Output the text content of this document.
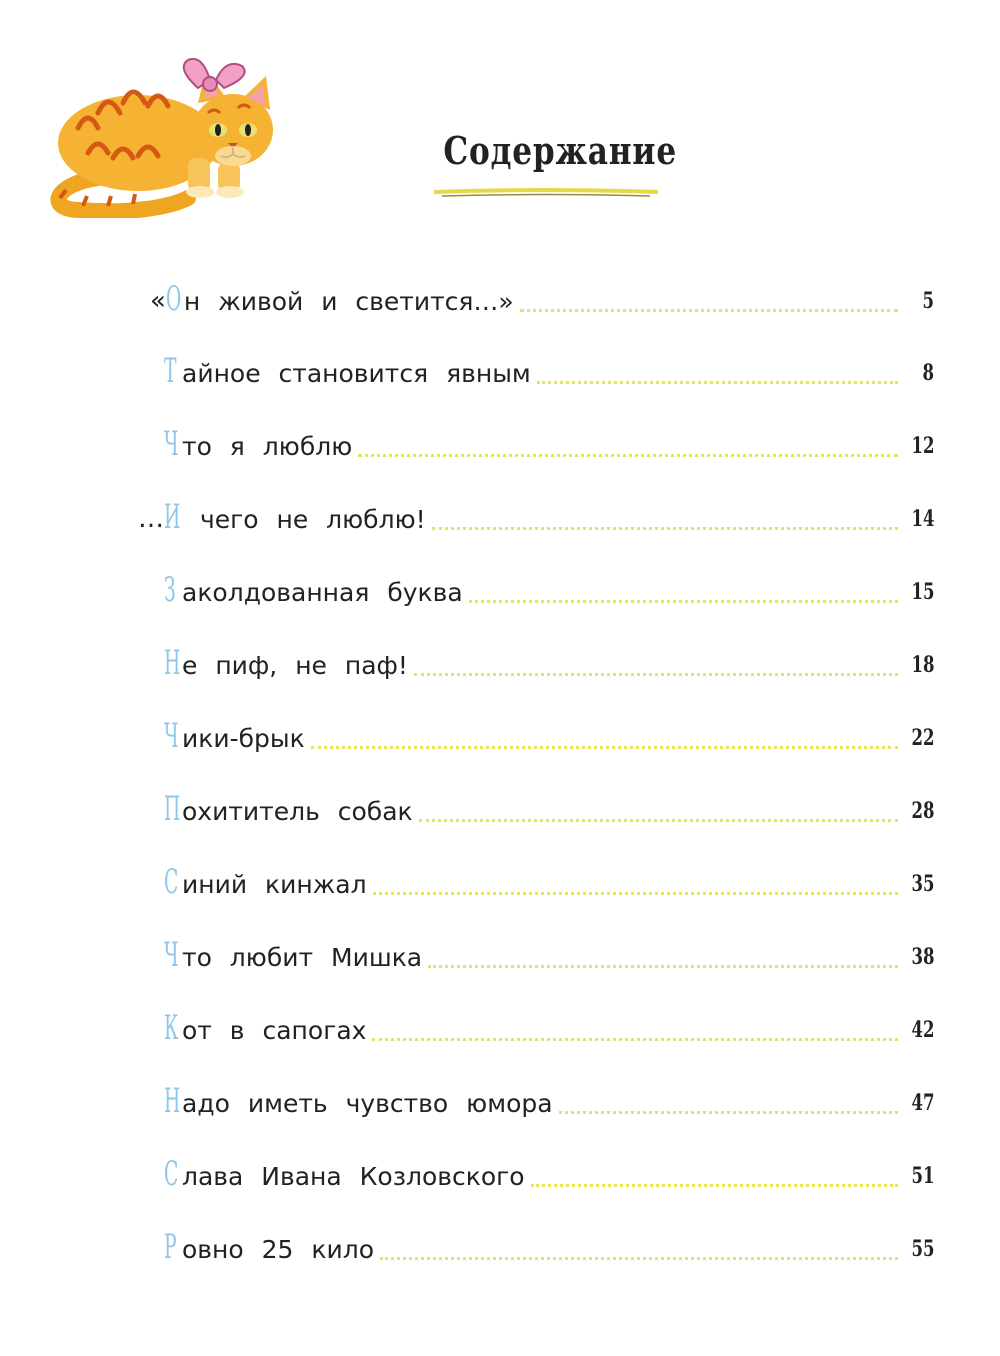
Содержание
« О н живой и светится…»	5
Т айное становится явным	8
Ч то я люблю	12
… И чего не люблю!	14
З аколдованная буква	15
Н е пиф, не паф!	18
Ч ики-брык	22
П охититель собак	28
С иний кинжал	35
Ч то любит Мишка	38
К от в сапогах	42
Н адо иметь чувство юмора	47
С лава Ивана Козловского	51
Р овно 25 кило	55
